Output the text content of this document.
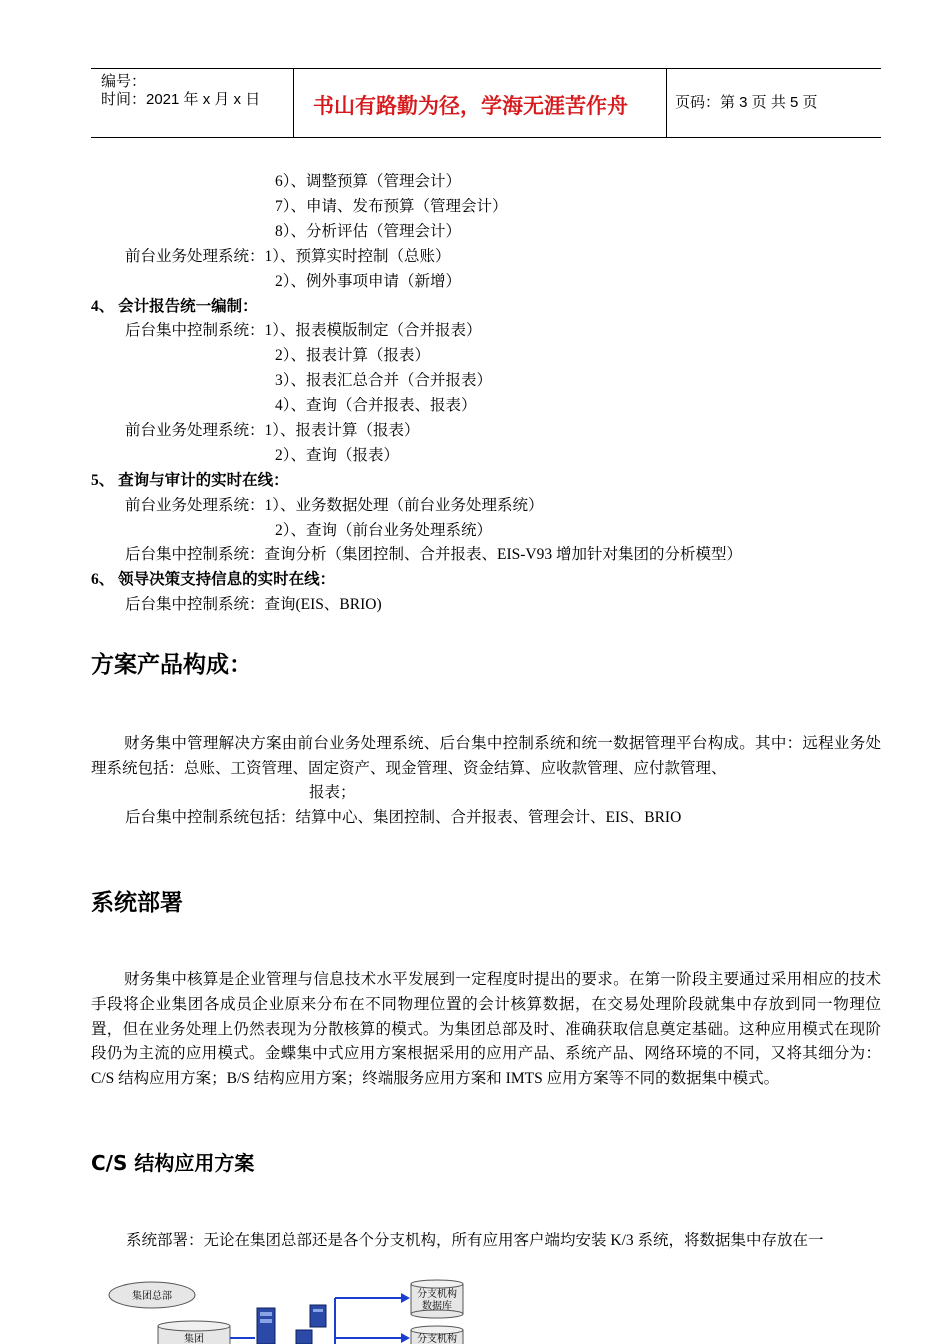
编号：
时间：2021 年 x 月 x 日	书山有路勤为径，学海无涯苦作舟	页码：第 3 页 共 5 页
6）、调整预算（管理会计）
7）、申请、发布预算（管理会计）
8）、分析评估（管理会计）
前台业务处理系统：1）、预算实时控制（总账）
2）、例外事项申请（新增）
4、 会计报告统一编制：
后台集中控制系统：1）、报表模版制定（合并报表）
2）、报表计算（报表）
3）、报表汇总合并（合并报表）
4）、查询（合并报表、报表）
前台业务处理系统：1）、报表计算（报表）
2）、查询（报表）
5、 查询与审计的实时在线：
前台业务处理系统：1）、业务数据处理（前台业务处理系统）
2）、查询（前台业务处理系统）
后台集中控制系统：查询分析（集团控制、合并报表、EIS-V93 增加针对集团的分析模型）
6、 领导决策支持信息的实时在线：
后台集中控制系统：查询(EIS、BRIO)
方案产品构成：
财务集中管理解决方案由前台业务处理系统、后台集中控制系统和统一数据管理平台构成。其中：远程业务处理系统包括：总账、工资管理、固定资产、现金管理、资金结算、应收款管理、应付款管理、
报表；
后台集中控制系统包括：结算中心、集团控制、合并报表、管理会计、EIS、BRIO
系统部署
财务集中核算是企业管理与信息技术水平发展到一定程度时提出的要求。在第一阶段主要通过采用相应的技术手段将企业集团各成员企业原来分布在不同物理位置的会计核算数据，在交易处理阶段就集中存放到同一物理位置，但在业务处理上仍然表现为分散核算的模式。为集团总部及时、准确获取信息奠定基础。这种应用模式在现阶段仍为主流的应用模式。金蝶集中式应用方案根据采用的应用产品、系统产品、网络环境的不同，又将其细分为：C/S 结构应用方案；B/S 结构应用方案；终端服务应用方案和 IMTS 应用方案等不同的数据集中模式。
C/S 结构应用方案
系统部署：无论在集团总部还是各个分支机构，所有应用客户端均安装 K/3 系统，将数据集中存放在一
集团总部
集团
分支机构
数据库
分支机构
